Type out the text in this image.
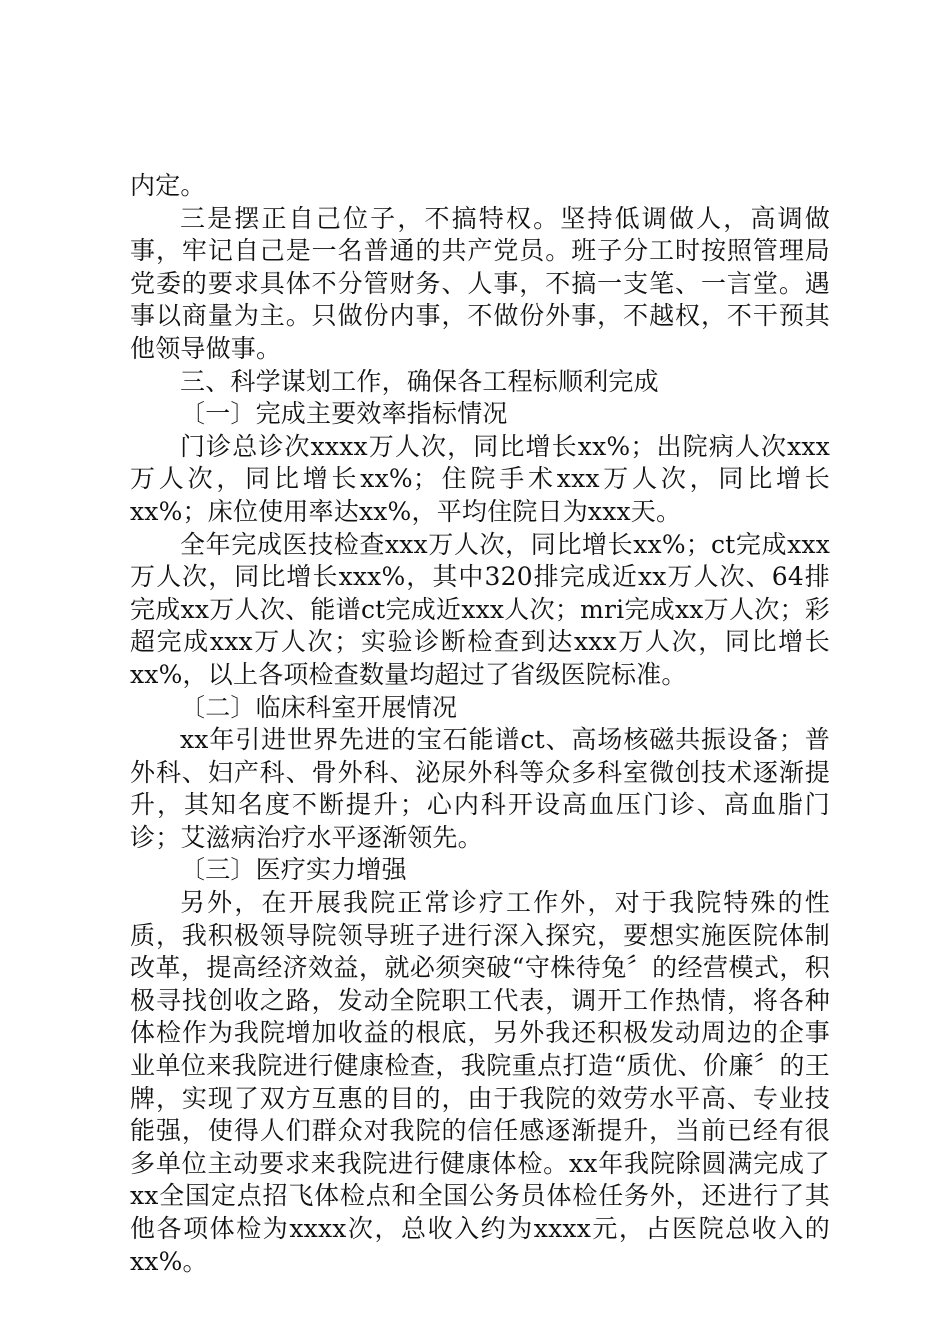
内定。

三是摆正自己位子，不搞特权。坚持低调做人，高调做事，牢记自己是一名普通的共产党员。班子分工时按照管理局党委的要求具体不分管财务、人事，不搞一支笔、一言堂。遇事以商量为主。只做份内事，不做份外事，不越权，不干预其他领导做事。

三、科学谋划工作，确保各工程标顺利完成

〔一〕完成主要效率指标情况

门诊总诊次xxxx万人次，同比增长xx%；出院病人次xxx万人次，同比增长xx%；住院手术xxx万人次，同比增长xx%；床位使用率达xx%，平均住院日为xxx天。

全年完成医技检查xxx万人次，同比增长xx%；ct完成xxx万人次，同比增长xxx%，其中320排完成近xx万人次、64排完成xx万人次、能谱ct完成近xxx人次；mri完成xx万人次；彩超完成xxx万人次；实验诊断检查到达xxx万人次，同比增长xx%，以上各项检查数量均超过了省级医院标准。

〔二〕临床科室开展情况

xx年引进世界先进的宝石能谱ct、高场核磁共振设备；普外科、妇产科、骨外科、泌尿外科等众多科室微创技术逐渐提升，其知名度不断提升；心内科开设高血压门诊、高血脂门诊；艾滋病治疗水平逐渐领先。

〔三〕医疗实力增强

另外，在开展我院正常诊疗工作外，对于我院特殊的性质，我积极领导院领导班子进行深入探究，要想实施医院体制改革，提高经济效益，就必须突破“守株待兔〞的经营模式，积极寻找创收之路，发动全院职工代表，调开工作热情，将各种体检作为我院增加收益的根底，另外我还积极发动周边的企事业单位来我院进行健康检查，我院重点打造“质优、价廉〞的王牌，实现了双方互惠的目的，由于我院的效劳水平高、专业技能强，使得人们群众对我院的信任感逐渐提升，当前已经有很多单位主动要求来我院进行健康体检。xx年我院除圆满完成了xx全国定点招飞体检点和全国公务员体检任务外，还进行了其他各项体检为xxxx次，总收入约为xxxx元，占医院总收入的xx%。
